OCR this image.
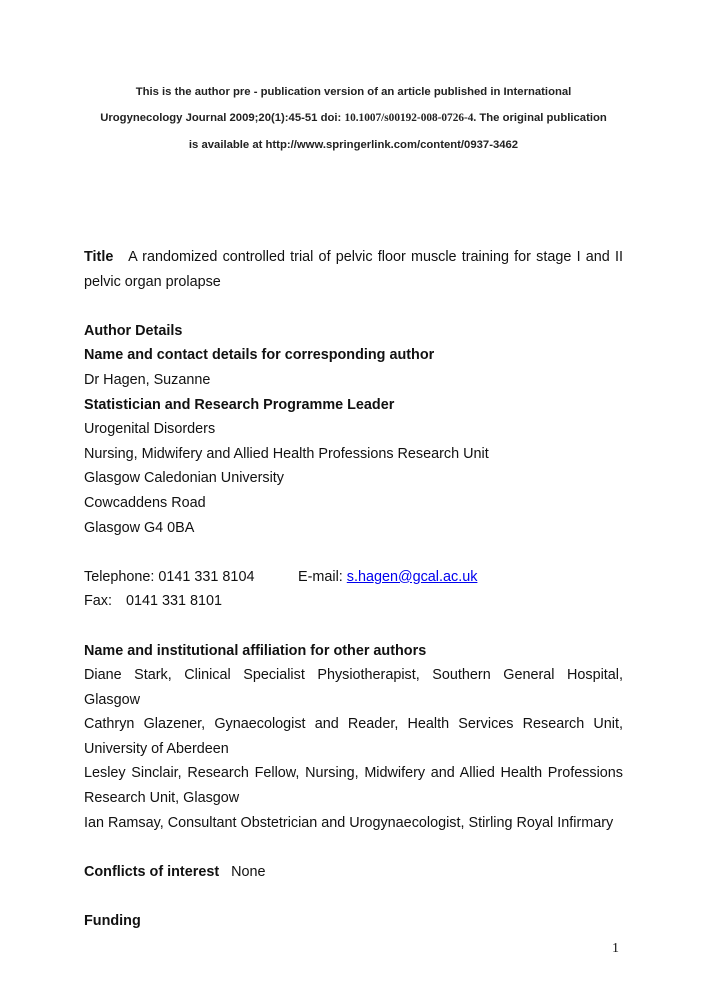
This is the author pre - publication version of an article published in International
Urogynecology Journal 2009;20(1):45-51 doi: 10.1007/s00192-008-0726-4. The original publication
is available at http://www.springerlink.com/content/0937-3462

Title A randomized controlled trial of pelvic floor muscle training for stage I and II pelvic organ prolapse

Author Details
Name and contact details for corresponding author
Dr Hagen, Suzanne
Statistician and Research Programme Leader
Urogenital Disorders
Nursing, Midwifery and Allied Health Professions Research Unit
Glasgow Caledonian University
Cowcaddens Road
Glasgow G4 0BA
Telephone: 0141 331 8104	E-mail: s.hagen@gcal.ac.uk
Fax: 0141 331 8101
Name and institutional affiliation for other authors

Diane Stark, Clinical Specialist Physiotherapist, Southern General Hospital, Glasgow

Cathryn Glazener, Gynaecologist and Reader, Health Services Research Unit, University of Aberdeen

Lesley Sinclair, Research Fellow, Nursing, Midwifery and Allied Health Professions Research Unit, Glasgow

Ian Ramsay, Consultant Obstetrician and Urogynaecologist, Stirling Royal Infirmary

Conflicts of interest None
Funding
1
